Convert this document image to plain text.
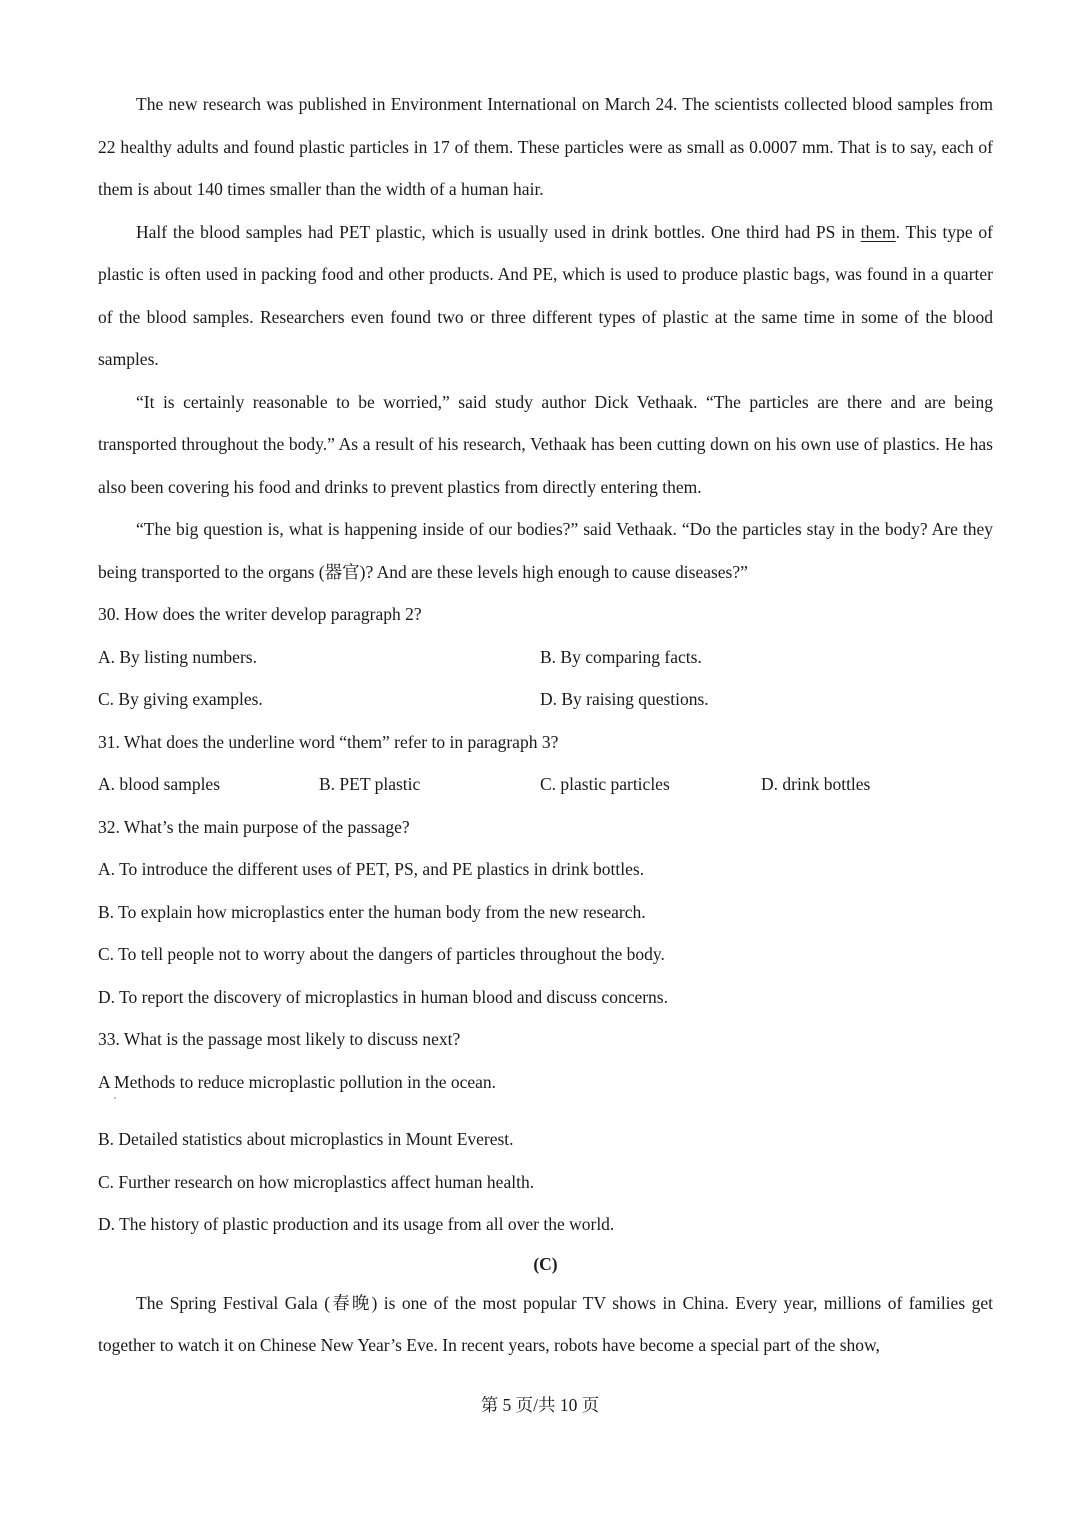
The new research was published in Environment International on March 24. The scientists collected blood samples from 22 healthy adults and found plastic particles in 17 of them. These particles were as small as 0.0007 mm. That is to say, each of them is about 140 times smaller than the width of a human hair.

Half the blood samples had PET plastic, which is usually used in drink bottles. One third had PS in them. This type of plastic is often used in packing food and other products. And PE, which is used to produce plastic bags, was found in a quarter of the blood samples. Researchers even found two or three different types of plastic at the same time in some of the blood samples.

“It is certainly reasonable to be worried,” said study author Dick Vethaak. “The particles are there and are being transported throughout the body.” As a result of his research, Vethaak has been cutting down on his own use of plastics. He has also been covering his food and drinks to prevent plastics from directly entering them.

“The big question is, what is happening inside of our bodies?” said Vethaak. “Do the particles stay in the body? Are they being transported to the organs (器官)? And are these levels high enough to cause diseases?”

30. How does the writer develop paragraph 2?

A. By listing numbers.	B. By comparing facts.
C. By giving examples.	D. By raising questions.

31. What does the underline word “them” refer to in paragraph 3?

A. blood samples	B. PET plastic	C. plastic particles	D. drink bottles

32. What’s the main purpose of the passage?

A. To introduce the different uses of PET, PS, and PE plastics in drink bottles.

B. To explain how microplastics enter the human body from the new research.

C. To tell people not to worry about the dangers of particles throughout the body.

D. To report the discovery of microplastics in human blood and discuss concerns.

33. What is the passage most likely to discuss next?

A Methods to reduce microplastic pollution in the ocean.

B. Detailed statistics about microplastics in Mount Everest.

C. Further research on how microplastics affect human health.

D. The history of plastic production and its usage from all over the world.

(C)

The Spring Festival Gala (春晚) is one of the most popular TV shows in China. Every year, millions of families get together to watch it on Chinese New Year’s Eve. In recent years, robots have become a special part of the show,

第 5 页/共 10 页
